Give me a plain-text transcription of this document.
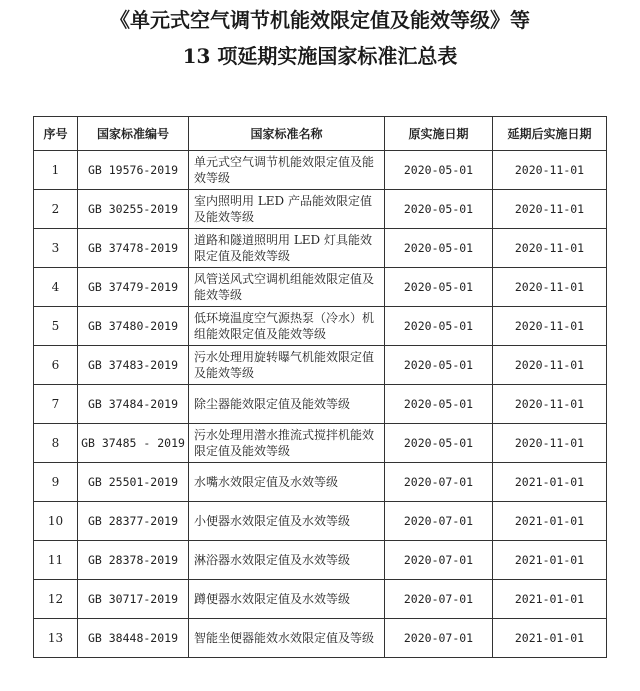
《单元式空气调节机能效限定值及能效等级》等
13 项延期实施国家标准汇总表
序号	国家标准编号	国家标准名称	原实施日期	延期后实施日期
1	GB 19576-2019	单元式空气调节机能效限定值及能效等级	2020-05-01	2020-11-01
2	GB 30255-2019	室内照明用 LED 产品能效限定值及能效等级	2020-05-01	2020-11-01
3	GB 37478-2019	道路和隧道照明用 LED 灯具能效限定值及能效等级	2020-05-01	2020-11-01
4	GB 37479-2019	风管送风式空调机组能效限定值及能效等级	2020-05-01	2020-11-01
5	GB 37480-2019	低环境温度空气源热泵（冷水）机组能效限定值及能效等级	2020-05-01	2020-11-01
6	GB 37483-2019	污水处理用旋转曝气机能效限定值及能效等级	2020-05-01	2020-11-01
7	GB 37484-2019	除尘器能效限定值及能效等级	2020-05-01	2020-11-01
8	GB 37485 - 2019	污水处理用潜水推流式搅拌机能效限定值及能效等级	2020-05-01	2020-11-01
9	GB 25501-2019	水嘴水效限定值及水效等级	2020-07-01	2021-01-01
10	GB 28377-2019	小便器水效限定值及水效等级	2020-07-01	2021-01-01
11	GB 28378-2019	淋浴器水效限定值及水效等级	2020-07-01	2021-01-01
12	GB 30717-2019	蹲便器水效限定值及水效等级	2020-07-01	2021-01-01
13	GB 38448-2019	智能坐便器能效水效限定值及等级	2020-07-01	2021-01-01
